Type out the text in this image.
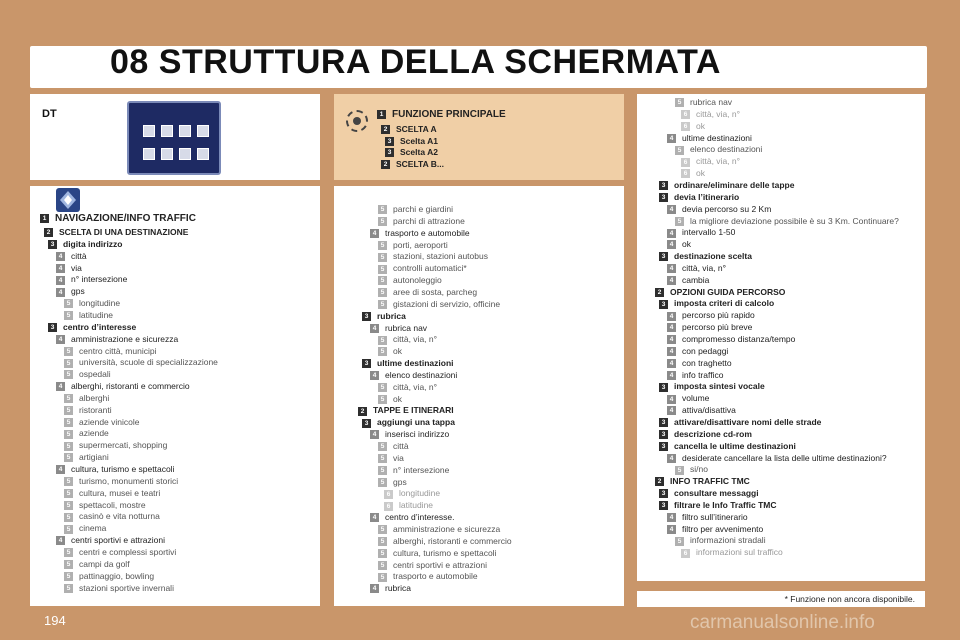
08 STRUTTURA DELLA SCHERMATA
DT	1 FUNZIONE PRINCIPALE
2 SCELTA A
3 Scelta A1
3 Scelta A2
2 SCELTA B...
1 NAVIGAZIONE/INFO TRAFFIC
2 SCELTA DI UNA DESTINAZIONE
3 digita indirizzo
4 città
4 via
4 n° intersezione
4 gps
5 longitudine
5 latitudine
3 centro d’interesse
4 amministrazione e sicurezza
5 centro città, municipi
5 università, scuole di specializzazione
5 ospedali
4 alberghi, ristoranti e commercio
5 alberghi
5 ristoranti
5 aziende vinicole
5 aziende
5 supermercati, shopping
5 artigiani
4 cultura, turismo e spettacoli
5 turismo, monumenti storici
5 cultura, musei e teatri
5 spettacoli, mostre
5 casinò e vita notturna
5 cinema
4 centri sportivi e attrazioni
5 centri e complessi sportivi
5 campi da golf
5 pattinaggio, bowling
5 stazioni sportive invernali
5 parchi e giardini
5 parchi di attrazione
4 trasporto e automobile
5 porti, aeroporti
5 stazioni, stazioni autobus
5 controlli automatici*
5 autonoleggio
5 aree di sosta, parcheg
5 gistazioni di servizio, officine
3 rubrica
4 rubrica nav
5 città, via, n°
5 ok
3 ultime destinazioni
4 elenco destinazioni
5 città, via, n°
5 ok
2 TAPPE E ITINERARI
3 aggiungi una tappa
4 inserisci indirizzo
5 città
5 via
5 n° intersezione
5 gps
6 longitudine
6 latitudine
4 centro d’interesse.
5 amministrazione e sicurezza
5 alberghi, ristoranti e commercio
5 cultura, turismo e spettacoli
5 centri sportivi e attrazioni
5 trasporto e automobile
4 rubrica
5 rubrica nav
6 città, via, n°
6 ok
4 ultime destinazioni
5 elenco destinazioni
6 città, via, n°
6 ok
3 ordinare/eliminare delle tappe
3 devia l’itinerario
4 devia percorso su 2 Km
5 la migliore deviazione possibile è su 3 Km. Continuare?
4 intervallo 1-50
4 ok
3 destinazione scelta
4 città, via, n°
4 cambia
2 OPZIONI GUIDA PERCORSO
3 imposta criteri di calcolo
4 percorso più rapido
4 percorso più breve
4 compromesso distanza/tempo
4 con pedaggi
4 con traghetto
4 info traffico
3 imposta sintesi vocale
4 volume
4 attiva/disattiva
3 attivare/disattivare nomi delle strade
3 descrizione cd-rom
3 cancella le ultime destinazioni
4 desiderate cancellare la lista delle ultime destinazioni?
5 si/no
2 INFO TRAFFIC TMC
3 consultare messaggi
3 filtrare le Info Traffic TMC
4 filtro sull’itinerario
4 filtro per avvenimento
5 informazioni stradali
6 informazioni sul traffico
* Funzione non ancora disponibile.
194	carmanualsonline.info
